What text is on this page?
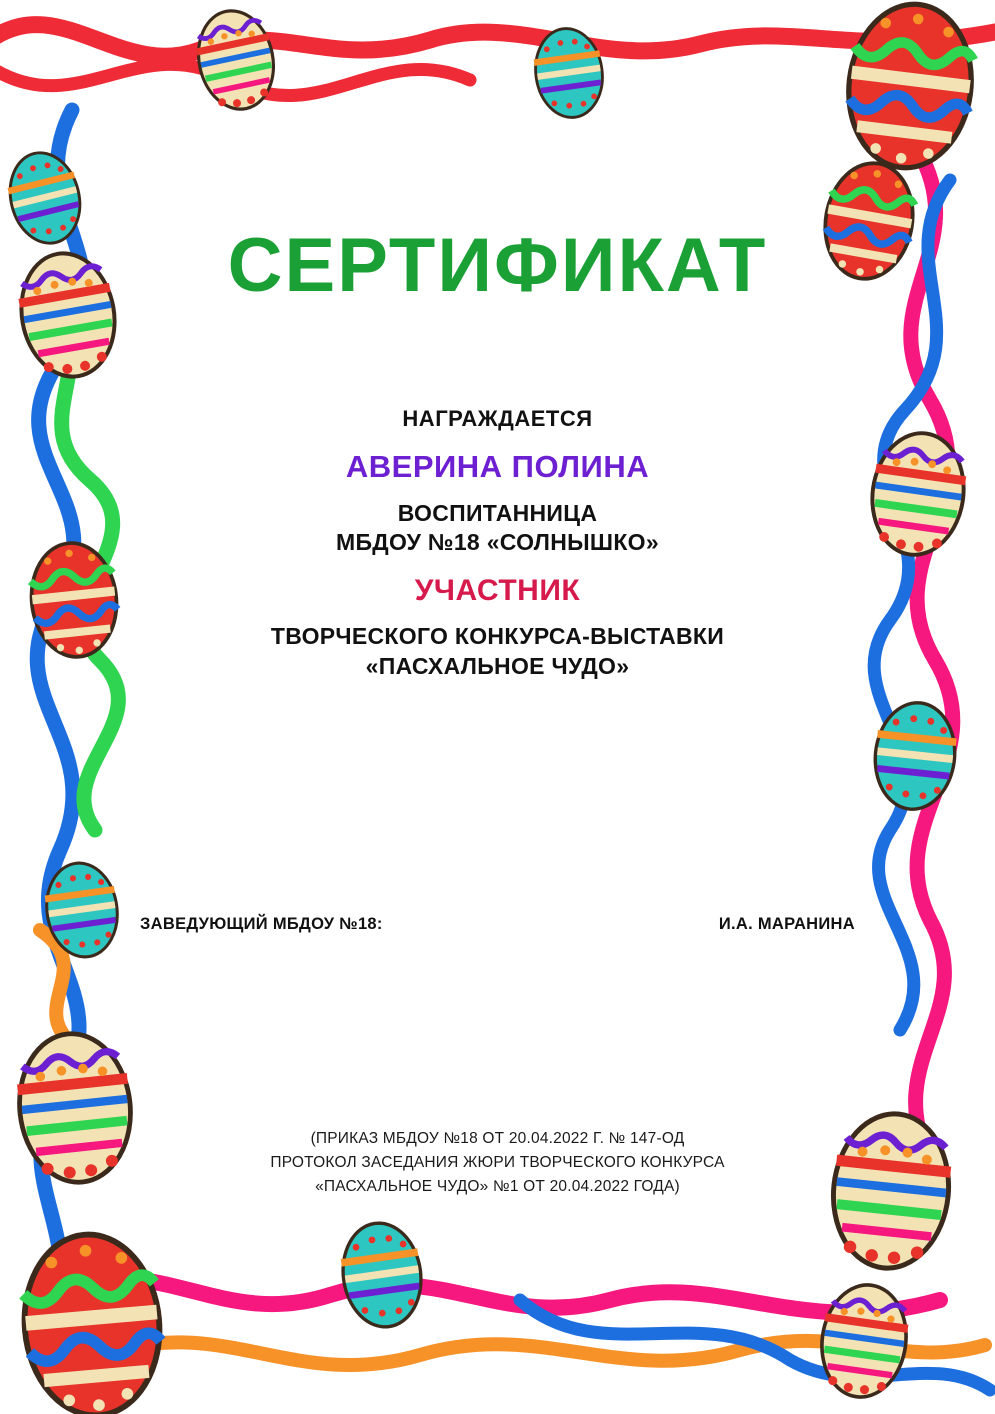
СЕРТИФИКАТ
НАГРАЖДАЕТСЯ
АВЕРИНА ПОЛИНА
ВОСПИТАННИЦА
МБДОУ №18 «СОЛНЫШКО»
УЧАСТНИК
ТВОРЧЕСКОГО КОНКУРСА-ВЫСТАВКИ
«ПАСХАЛЬНОЕ ЧУДО»
ЗАВЕДУЮЩИЙ МБДОУ №18:	И.А. МАРАНИНА
(ПРИКАЗ МБДОУ №18 ОТ 20.04.2022 Г. № 147-ОД
ПРОТОКОЛ ЗАСЕДАНИЯ ЖЮРИ ТВОРЧЕСКОГО КОНКУРСА
«ПАСХАЛЬНОЕ ЧУДО» №1 ОТ 20.04.2022 ГОДА)
